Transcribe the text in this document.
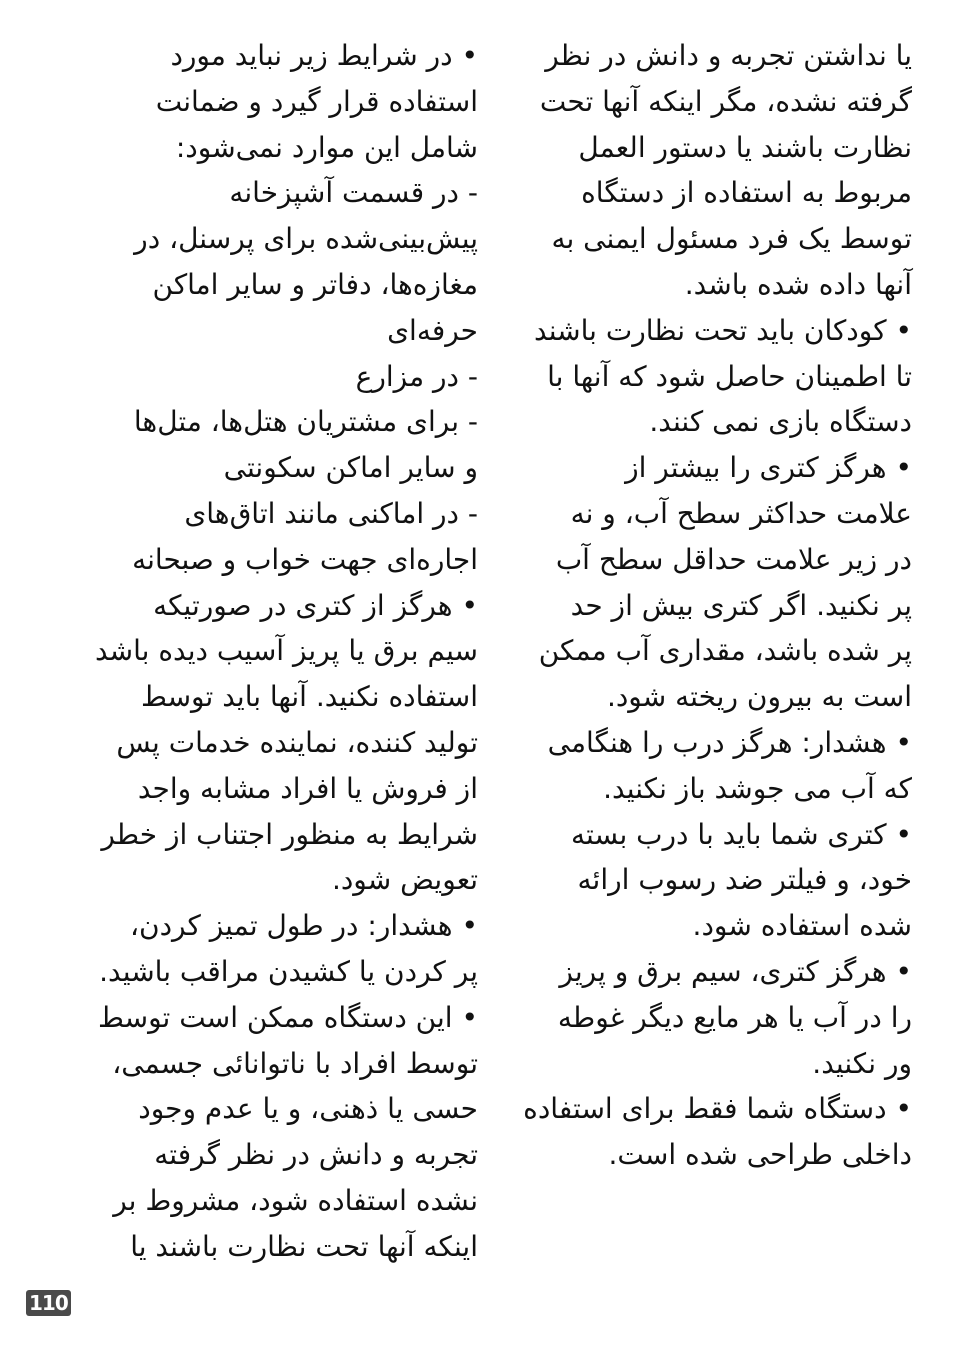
یا نداشتن تجربه و دانش در نظر
گرفته نشده، مگر اینکه آنها تحت
نظارت باشند یا دستور العمل
مربوط به استفاده از دستگاه
توسط یک فرد مسئول ایمنی به
آنها داده شده باشد.
• کودکان باید تحت نظارت باشند
تا اطمینان حاصل شود که آنها با
دستگاه بازی نمی کنند.
• هرگز کتری را بیشتر از
علامت حداکثر سطح آب، و نه
در زیر علامت حداقل سطح آب
پر نکنید. اگر کتری بیش از حد
پر شده باشد، مقداری آب ممکن
است به بیرون ریخته شود.
• هشدار: هرگز درب را هنگامی
که آب می جوشد باز نکنید.
• کتری شما باید با درب بسته
خود، و فیلتر ضد رسوب ارائه
شده استفاده شود.
• هرگز کتری، سیم برق و پریز
را در آب یا هر مایع دیگر غوطه
ور نکنید.
• دستگاه شما فقط برای استفاده
داخلی طراحی شده است.
• در شرایط زیر نباید مورد
استفاده قرار گیرد و ضمانت
شامل این موارد نمی‌شود:
- در قسمت آشپزخانه
پیش‌بینی‌شده برای پرسنل، در
مغازه‌ها، دفاتر و سایر اماکن
حرفه‌ای
- در مزارع
- برای مشتریان هتل‌ها، متل‌ها
و سایر اماکن سکونتی
- در اماکنی مانند اتاق‌های
اجاره‌ای جهت خواب و صبحانه
• هرگز از کتری در صورتیکه
سیم برق یا پریز آسیب دیده باشد
استفاده نکنید. آنها باید توسط
تولید کننده، نماینده خدمات پس
از فروش یا افراد مشابه واجد
شرایط به منظور اجتناب از خطر
تعویض شود.
• هشدار: در طول تمیز کردن،
پر کردن یا کشیدن مراقب باشید.
• این دستگاه ممکن است توسط
توسط افراد با ناتوانائی جسمی،
حسی یا ذهنی، و یا عدم وجود
تجربه و دانش در نظر گرفته
نشده استفاده شود، مشروط بر
اینکه آنها تحت نظارت باشند یا
110
